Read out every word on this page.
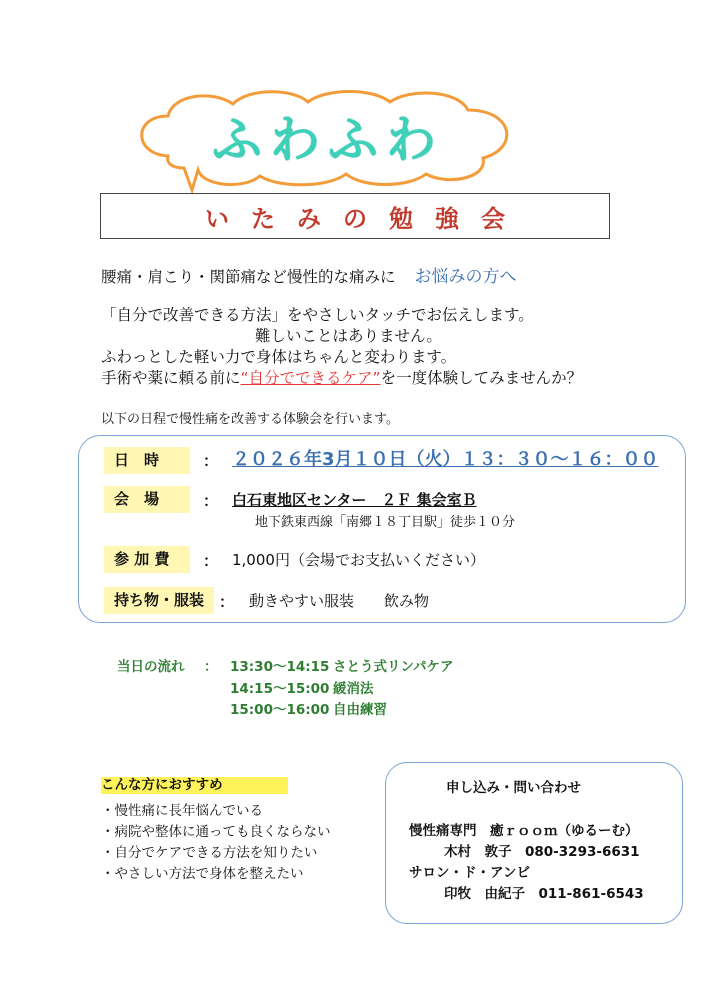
ふわふわ
いたみの勉強会
腰痛・肩こり・関節痛など慢性的な痛みに お悩みの方へ
「自分で改善できる方法」をやさしいタッチでお伝えします。
難しいことはありません。
ふわっとした軽い力で身体はちゃんと変わります。
手術や薬に頼る前に“自分でできるケア”を一度体験してみませんか？
以下の日程で慢性痛を改善する体験会を行います。
日　時	： ２０２６年3月１０日（火）１３：３０～１６：００
会　場	： 白石東地区センター　２Ｆ 集会室Ｂ
地下鉄東西線「南郷１８丁目駅」徒歩１０分
参 加 費	： 1,000円（会場でお支払いください）
持ち物・服装 ： 動きやすい服装　　飲み物
当日の流れ ： 13:30～14:15 さとう式リンパケア
14:15～15:00 緩消法
15:00～16:00 自由練習
こんな方におすすめ
・慢性痛に長年悩んでいる
・病院や整体に通っても良くならない
・自分でケアできる方法を知りたい
・やさしい方法で身体を整えたい
申し込み・問い合わせ
慢性痛専門　癒ｒｏｏｍ（ゆるーむ）
木村　敦子　080-3293-6631
サロン・ド・アンビ
印牧　由紀子　011-861-6543
